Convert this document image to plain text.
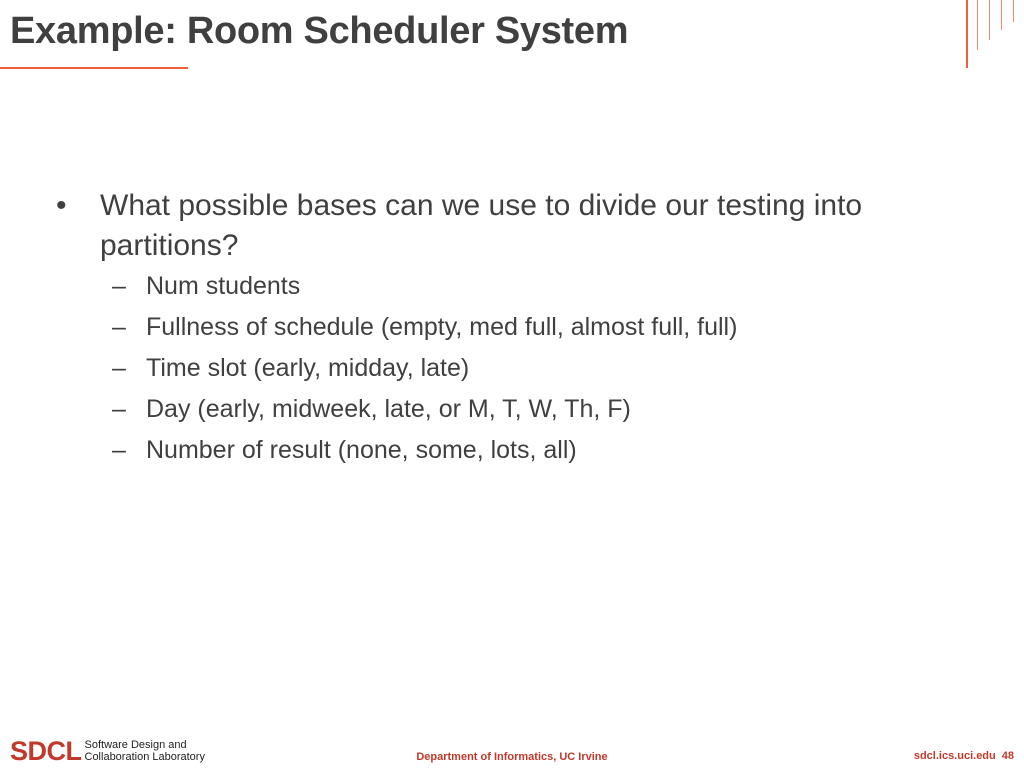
Example: Room Scheduler System
•	What possible bases can we use to divide our testing into partitions?
– Num students
– Fullness of schedule (empty, med full, almost full, full)
– Time slot (early, midday, late)
– Day (early, midweek, late, or M, T, W, Th, F)
– Number of result (none, some, lots, all)
SDCL Software Design and
Collaboration Laboratory	Department of Informatics, UC Irvine	sdcl.ics.uci.edu 48
